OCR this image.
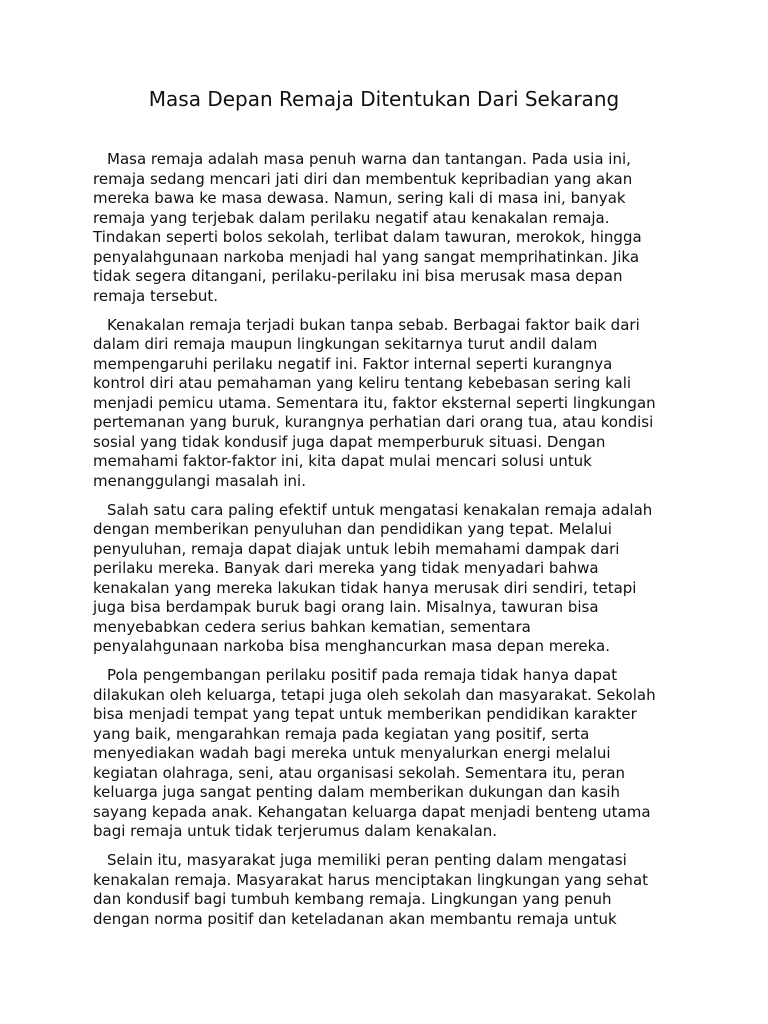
Masa Depan Remaja Ditentukan Dari Sekarang
Masa remaja adalah masa penuh warna dan tantangan. Pada usia ini,
remaja sedang mencari jati diri dan membentuk kepribadian yang akan
mereka bawa ke masa dewasa. Namun, sering kali di masa ini, banyak
remaja yang terjebak dalam perilaku negatif atau kenakalan remaja.
Tindakan seperti bolos sekolah, terlibat dalam tawuran, merokok, hingga
penyalahgunaan narkoba menjadi hal yang sangat memprihatinkan. Jika
tidak segera ditangani, perilaku-perilaku ini bisa merusak masa depan
remaja tersebut.
Kenakalan remaja terjadi bukan tanpa sebab. Berbagai faktor baik dari
dalam diri remaja maupun lingkungan sekitarnya turut andil dalam
mempengaruhi perilaku negatif ini. Faktor internal seperti kurangnya
kontrol diri atau pemahaman yang keliru tentang kebebasan sering kali
menjadi pemicu utama. Sementara itu, faktor eksternal seperti lingkungan
pertemanan yang buruk, kurangnya perhatian dari orang tua, atau kondisi
sosial yang tidak kondusif juga dapat memperburuk situasi. Dengan
memahami faktor-faktor ini, kita dapat mulai mencari solusi untuk
menanggulangi masalah ini.
Salah satu cara paling efektif untuk mengatasi kenakalan remaja adalah
dengan memberikan penyuluhan dan pendidikan yang tepat. Melalui
penyuluhan, remaja dapat diajak untuk lebih memahami dampak dari
perilaku mereka. Banyak dari mereka yang tidak menyadari bahwa
kenakalan yang mereka lakukan tidak hanya merusak diri sendiri, tetapi
juga bisa berdampak buruk bagi orang lain. Misalnya, tawuran bisa
menyebabkan cedera serius bahkan kematian, sementara
penyalahgunaan narkoba bisa menghancurkan masa depan mereka.
Pola pengembangan perilaku positif pada remaja tidak hanya dapat
dilakukan oleh keluarga, tetapi juga oleh sekolah dan masyarakat. Sekolah
bisa menjadi tempat yang tepat untuk memberikan pendidikan karakter
yang baik, mengarahkan remaja pada kegiatan yang positif, serta
menyediakan wadah bagi mereka untuk menyalurkan energi melalui
kegiatan olahraga, seni, atau organisasi sekolah. Sementara itu, peran
keluarga juga sangat penting dalam memberikan dukungan dan kasih
sayang kepada anak. Kehangatan keluarga dapat menjadi benteng utama
bagi remaja untuk tidak terjerumus dalam kenakalan.
Selain itu, masyarakat juga memiliki peran penting dalam mengatasi
kenakalan remaja. Masyarakat harus menciptakan lingkungan yang sehat
dan kondusif bagi tumbuh kembang remaja. Lingkungan yang penuh
dengan norma positif dan keteladanan akan membantu remaja untuk
